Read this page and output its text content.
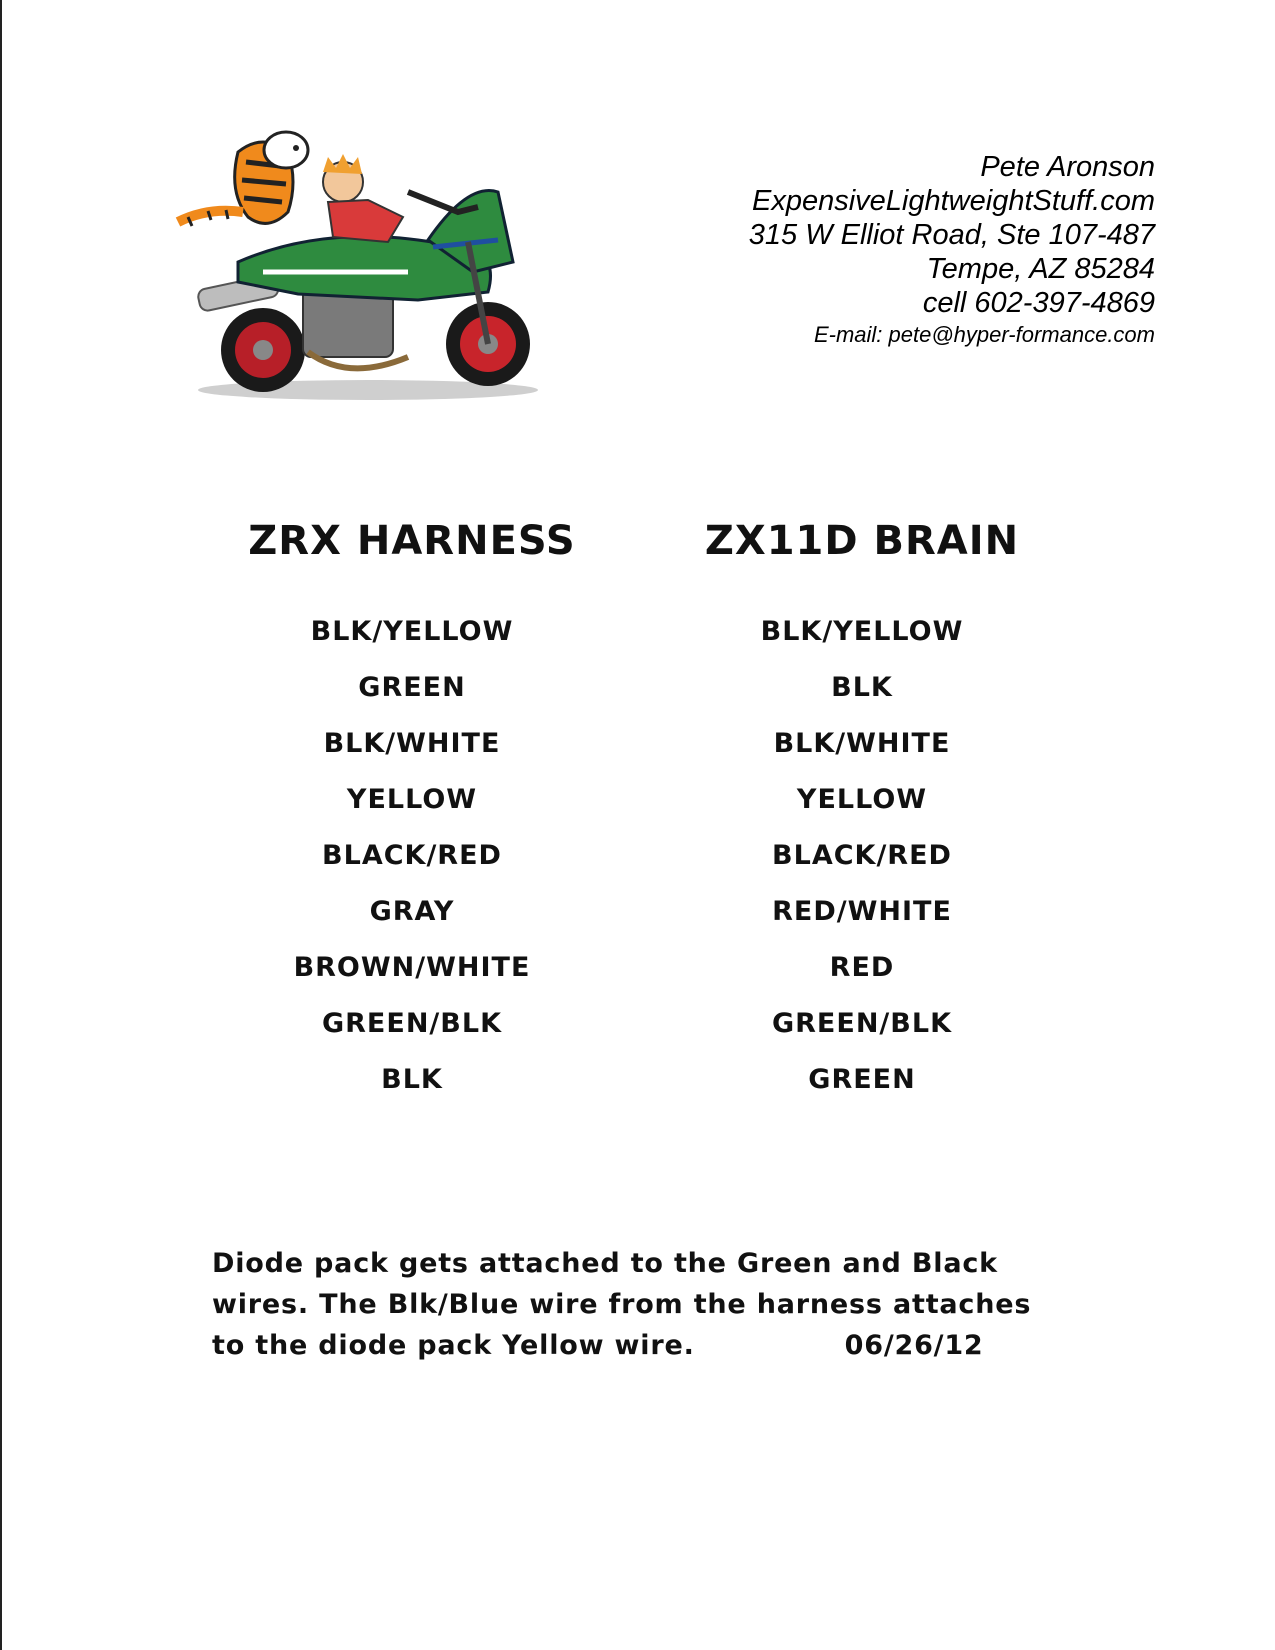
Pete Aronson
ExpensiveLightweightStuff.com
315 W Elliot Road, Ste 107-487
Tempe, AZ 85284
cell 602-397-4869
E-mail: pete@hyper-formance.com
ZRX HARNESS	ZX11D BRAIN
BLK/YELLOW
GREEN
BLK/WHITE
YELLOW
BLACK/RED
GRAY
BROWN/WHITE
GREEN/BLK
BLK
BLK/YELLOW
BLK
BLK/WHITE
YELLOW
BLACK/RED
RED/WHITE
RED
GREEN/BLK
GREEN
Diode pack gets attached to the Green and Black
wires. The Blk/Blue wire from the harness attaches
to the diode pack Yellow wire.	06/26/12
